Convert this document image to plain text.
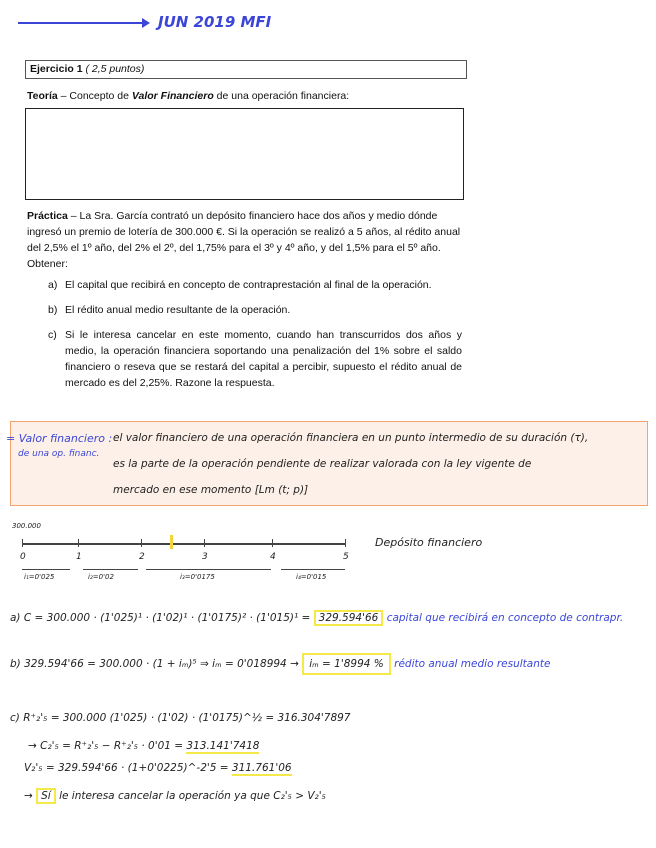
JUN 2019 MFI
Ejercicio 1 ( 2,5 puntos)
Teoría – Concepto de Valor Financiero de una operación financiera:
Práctica – La Sra. García contrató un depósito financiero hace dos años y medio dónde ingresó un premio de lotería de 300.000 €. Si la operación se realizó a 5 años, al rédito anual del 2,5% el 1º año, del 2% el 2º, del 1,75% para el 3º y 4º año, y del 1,5% para el 5º año. Obtener:
a) El capital que recibirá en concepto de contraprestación al final de la operación.
b) El rédito anual medio resultante de la operación.
c) Si le interesa cancelar en este momento, cuando han transcurridos dos años y medio, la operación financiera soportando una penalización del 1% sobre el saldo financiero o reseva que se restará del capital a percibir, supuesto el rédito anual de mercado es del 2,25%. Razone la respuesta.
= Valor financiero :
de una op. financ.
el valor financiero de una operación financiera en un punto intermedio de su duración (τ),
es la parte de la operación pendiente de realizar valorada con la ley vigente de
mercado en ese momento [Lm (t; p)]
300.000
0	1	2	3	4	5
Depósito financiero
i₁=0'025	i₂=0'02	i₃=0'0175	i₄=0'015
a) C = 300.000 · (1'025)¹ · (1'02)¹ · (1'0175)² · (1'015)¹ = 329.594'66 capital que recibirá en concepto de contrapr.
b) 329.594'66 = 300.000 · (1 + iₘ)⁵ ⇒ iₘ = 0'018994 → iₘ = 1'8994 % rédito anual medio resultante
c) R⁺₂'₅ = 300.000 (1'025) · (1'02) · (1'0175)^½ = 316.304'7897
→ C₂'₅ = R⁺₂'₅ − R⁺₂'₅ · 0'01 = 313.141'7418
V₂'₅ = 329.594'66 · (1+0'0225)^-2'5 = 311.761'06
→ Sí le interesa cancelar la operación ya que C₂'₅ > V₂'₅
